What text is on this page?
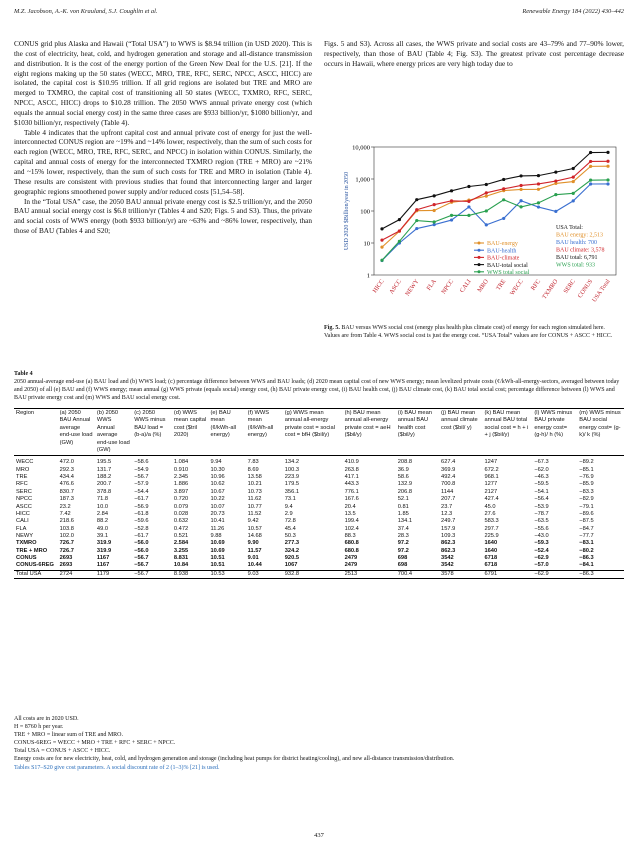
M.Z. Jacobson, A.-K. von Krauland, S.J. Coughlin et al.	Renewable Energy 184 (2022) 430–442

CONUS grid plus Alaska and Hawaii (“Total USA”) to WWS is $8.94 trillion (in USD 2020). This is the cost of electricity, heat, cold, and hydrogen generation and storage and all-distance transmission and distribution. It is the cost of the energy portion of the Green New Deal for the U.S. [21]. If the eight regions making up the 50 states (WECC, MRO, TRE, RFC, SERC, NPCC, ASCC, HICC) are isolated, the capital cost is $10.95 trillion. If all grid regions are isolated but TRE and MRO are merged to TXMRO, the capital cost of transitioning all 50 states (WECC, TXMRO, RFC, SERC, NPCC, ASCC, HICC) drops to $10.28 trillion. The 2050 WWS annual private energy cost (which equals the annual social energy cost) in the same three cases are $933 billion/yr, $1080 billion/yr, and $1030 billion/yr, respectively (Table 4).

Table 4 indicates that the upfront capital cost and annual private cost of energy for just the well-interconnected CONUS region are ~19% and ~14% lower, respectively, than the sum of such costs for each region (WECC, MRO, TRE, RFC, SERC, and NPCC) in isolation within CONUS. Similarly, the capital and annual costs of energy for the interconnected TXMRO region (TRE + MRO) are ~21% and ~15% lower, respectively, than the sum of such costs for TRE and MRO in isolation (Table 4). These results are consistent with previous studies that found that interconnecting larger and larger geographic regions smoothened power supply and/or reduced costs [51,54–58].

In the “Total USA” case, the 2050 BAU annual private energy cost is $2.5 trillion/yr, and the 2050 BAU annual social energy cost is $6.8 trillion/yr (Tables 4 and S20; Figs. 5 and S3). Thus, the private and social costs of WWS energy (both $933 billion/yr) are ~63% and ~86% lower, respectively, than those of BAU (Tables 4 and S20;

Figs. 5 and S3). Across all cases, the WWS private and social costs are 43–79% and 77–90% lower, respectively, than those of BAU (Table 4; Fig. S3). The greatest private cost percentage decrease occurs in Hawaii, where energy prices are very high today due to

1
10
100
1,000
10,000
USD 2020 $Billion/year in 2050
HICC ASCC NEWY FLA NPCC CALI MRO TRE WECC RFC
TXMRO SERC CONUS
USA Total
BAU-energy
BAU-health
BAU-climate
BAU-total social
WWS total social
USA Total:
BAU energy: 2,513
BAU health: 700
BAU climate: 3,578
BAU total: 6,791
WWS total: 933
Fig. 5. BAU versus WWS social cost (energy plus health plus climate cost) of energy for each region simulated here.
Values are from Table 4. WWS social cost is just the energy cost. “USA Total” values are for CONUS + ASCC + HICC.
Table 4
2050 annual-average end-use (a) BAU load and (b) WWS load; (c) percentage difference between WWS and BAU loads; (d) 2020 mean capital cost of new WWS energy; mean levelized private costs (¢/kWh-all-energy-sectors, averaged between today and 2050) of all (e) BAU and (f) WWS energy; mean annual (g) WWS private (equals social) energy cost, (h) BAU private energy cost, (i) BAU health cost, (j) BAU climate cost, (k) BAU total social cost; percentage difference between (l) WWS and BAU private energy cost and (m) WWS and BAU social energy cost.
Region	(a) 2050 BAU Annual average end-use load (GW)	(b) 2050 WWS Annual average end-use load (GW)	(c) 2050 WWS minus BAU load = (b-a)/a (%)	(d) WWS mean capital cost ($tril 2020)	(e) BAU mean (¢/kWh-all energy)	(f) WWS mean (¢/kWh-all energy)	(g) WWS mean annual all-energy private cost = social cost = bfH ($bil/y)	(h) BAU mean annual all-energy private cost = aeH ($bil/y)	(i) BAU mean annual BAU health cost ($bil/y)	(j) BAU mean annual climate cost ($bil/ y)	(k) BAU mean annual BAU total social cost = h + i + j ($bil/y)	(l) WWS minus BAU private energy cost= (g-h)/ h (%)	(m) WWS minus BAU social energy cost= (g-k)/ k (%)
WECC	472.0	195.5	−58.6	1.084	9.94	7.83	134.2	410.9	208.8	627.4	1247	−67.3	−89.2
MRO	292.3	131.7	−54.9	0.910	10.30	8.69	100.3	263.8	36.9	369.9	672.2	−62.0	−85.1
TRE	434.4	188.2	−56.7	2.345	10.96	13.58	223.9	417.1	58.6	492.4	968.1	−46.3	−76.9
RFC	476.6	200.7	−57.9	1.886	10.62	10.21	179.5	443.3	132.9	700.8	1277	−59.5	−85.9
SERC	830.7	378.8	−54.4	3.897	10.67	10.73	356.1	776.1	206.8	1144	2127	−54.1	−83.3
NPCC	187.3	71.8	−61.7	0.720	10.22	11.62	73.1	167.6	52.1	207.7	427.4	−56.4	−82.9
ASCC	23.2	10.0	−56.9	0.079	10.07	10.77	9.4	20.4	0.81	23.7	45.0	−53.9	−79.1
HICC	7.42	2.84	−61.8	0.028	20.73	11.52	2.9	13.5	1.85	12.3	27.6	−78.7	−89.6
CALI	218.6	88.2	−59.6	0.632	10.41	9.42	72.8	199.4	134.1	249.7	583.3	−63.5	−87.5
FLA	103.8	49.0	−52.8	0.472	11.26	10.57	45.4	102.4	37.4	157.9	297.7	−55.6	−84.7
NEWY	102.0	39.1	−61.7	0.521	9.88	14.68	50.3	88.3	28.3	109.3	225.9	−43.0	−77.7
TXMRO	726.7	319.9	−56.0	2.584	10.69	9.90	277.3	680.8	97.2	862.3	1640	−59.3	−83.1
TRE + MRO	726.7	319.9	−56.0	3.255	10.69	11.57	324.2	680.8	97.2	862.3	1640	−52.4	−80.2
CONUS	2693	1167	−56.7	8.831	10.51	9.01	920.5	2479	698	3542	6718	−62.9	−86.3
CONUS-6REG	2693	1167	−56.7	10.84	10.51	10.44	1067	2479	698	3542	6718	−57.0	−84.1
Total USA	2724	1179	−56.7	8.938	10.53	9.03	932.8	2513	700.4	3578	6791	−62.9	−86.3

All costs are in 2020 USD.

H = 8760 h per year.

TRE + MRO = linear sum of TRE and MRO.

CONUS-6REG = WECC + MRO + TRE + RFC + SERC + NPCC.

Total USA = CONUS + ASCC + HICC.

Energy costs are for new electricity, heat, cold, and hydrogen generation and storage (including heat pumps for district heating/cooling), and new all-distance transmission/distribution.

Tables S17–S20 give cost parameters. A social discount rate of 2 (1–3)% [21] is used.

437
